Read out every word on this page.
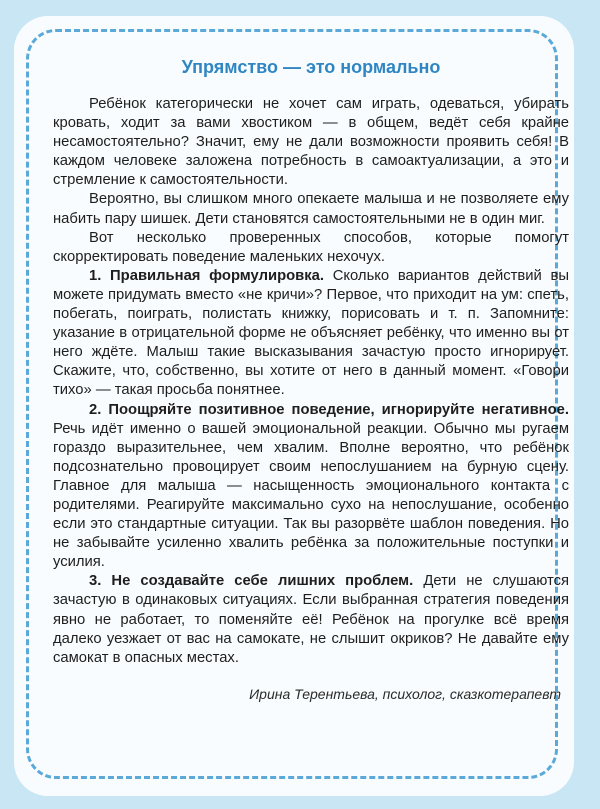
Упрямство — это нормально

Ребёнок категорически не хочет сам играть, одеваться, убирать кровать, ходит за вами хвостиком — в общем, ведёт себя крайне несамостоятельно? Значит, ему не дали возможности проявить себя! В каждом человеке заложена потребность в самоактуализации, а это и стремление к самостоятельности.

Вероятно, вы слишком много опекаете малыша и не позволяете ему набить пару шишек. Дети становятся самостоятельными не в один миг.

Вот несколько проверенных способов, которые помогут скорректировать поведение маленьких нехочух.

1. Правильная формулировка. Сколько вариантов действий вы можете придумать вместо «не кричи»? Первое, что приходит на ум: спеть, побегать, поиграть, полистать книжку, порисовать и т. п. Запомните: указание в отрицательной форме не объясняет ребёнку, что именно вы от него ждёте. Малыш такие высказывания зачастую просто игнорирует. Скажите, что, собственно, вы хотите от него в данный момент. «Говори тихо» — такая просьба понятнее.

2. Поощряйте позитивное поведение, игнорируйте негативное. Речь идёт именно о вашей эмоциональной реакции. Обычно мы ругаем гораздо выразительнее, чем хвалим. Вполне вероятно, что ребёнок подсознательно провоцирует своим непослушанием на бурную сцену. Главное для малыша — насыщенность эмоционального контакта с родителями. Реагируйте максимально сухо на непослушание, особенно если это стандартные ситуации. Так вы разорвёте шаблон поведения. Но не забывайте усиленно хвалить ребёнка за положительные поступки и усилия.

3. Не создавайте себе лишних проблем. Дети не слушаются зачастую в одинаковых ситуациях. Если выбранная стратегия поведения явно не работает, то поменяйте её! Ребёнок на прогулке всё время далеко уезжает от вас на самокате, не слышит окриков? Не давайте ему самокат в опасных местах.

Ирина Терентьева, психолог, сказкотерапевт
